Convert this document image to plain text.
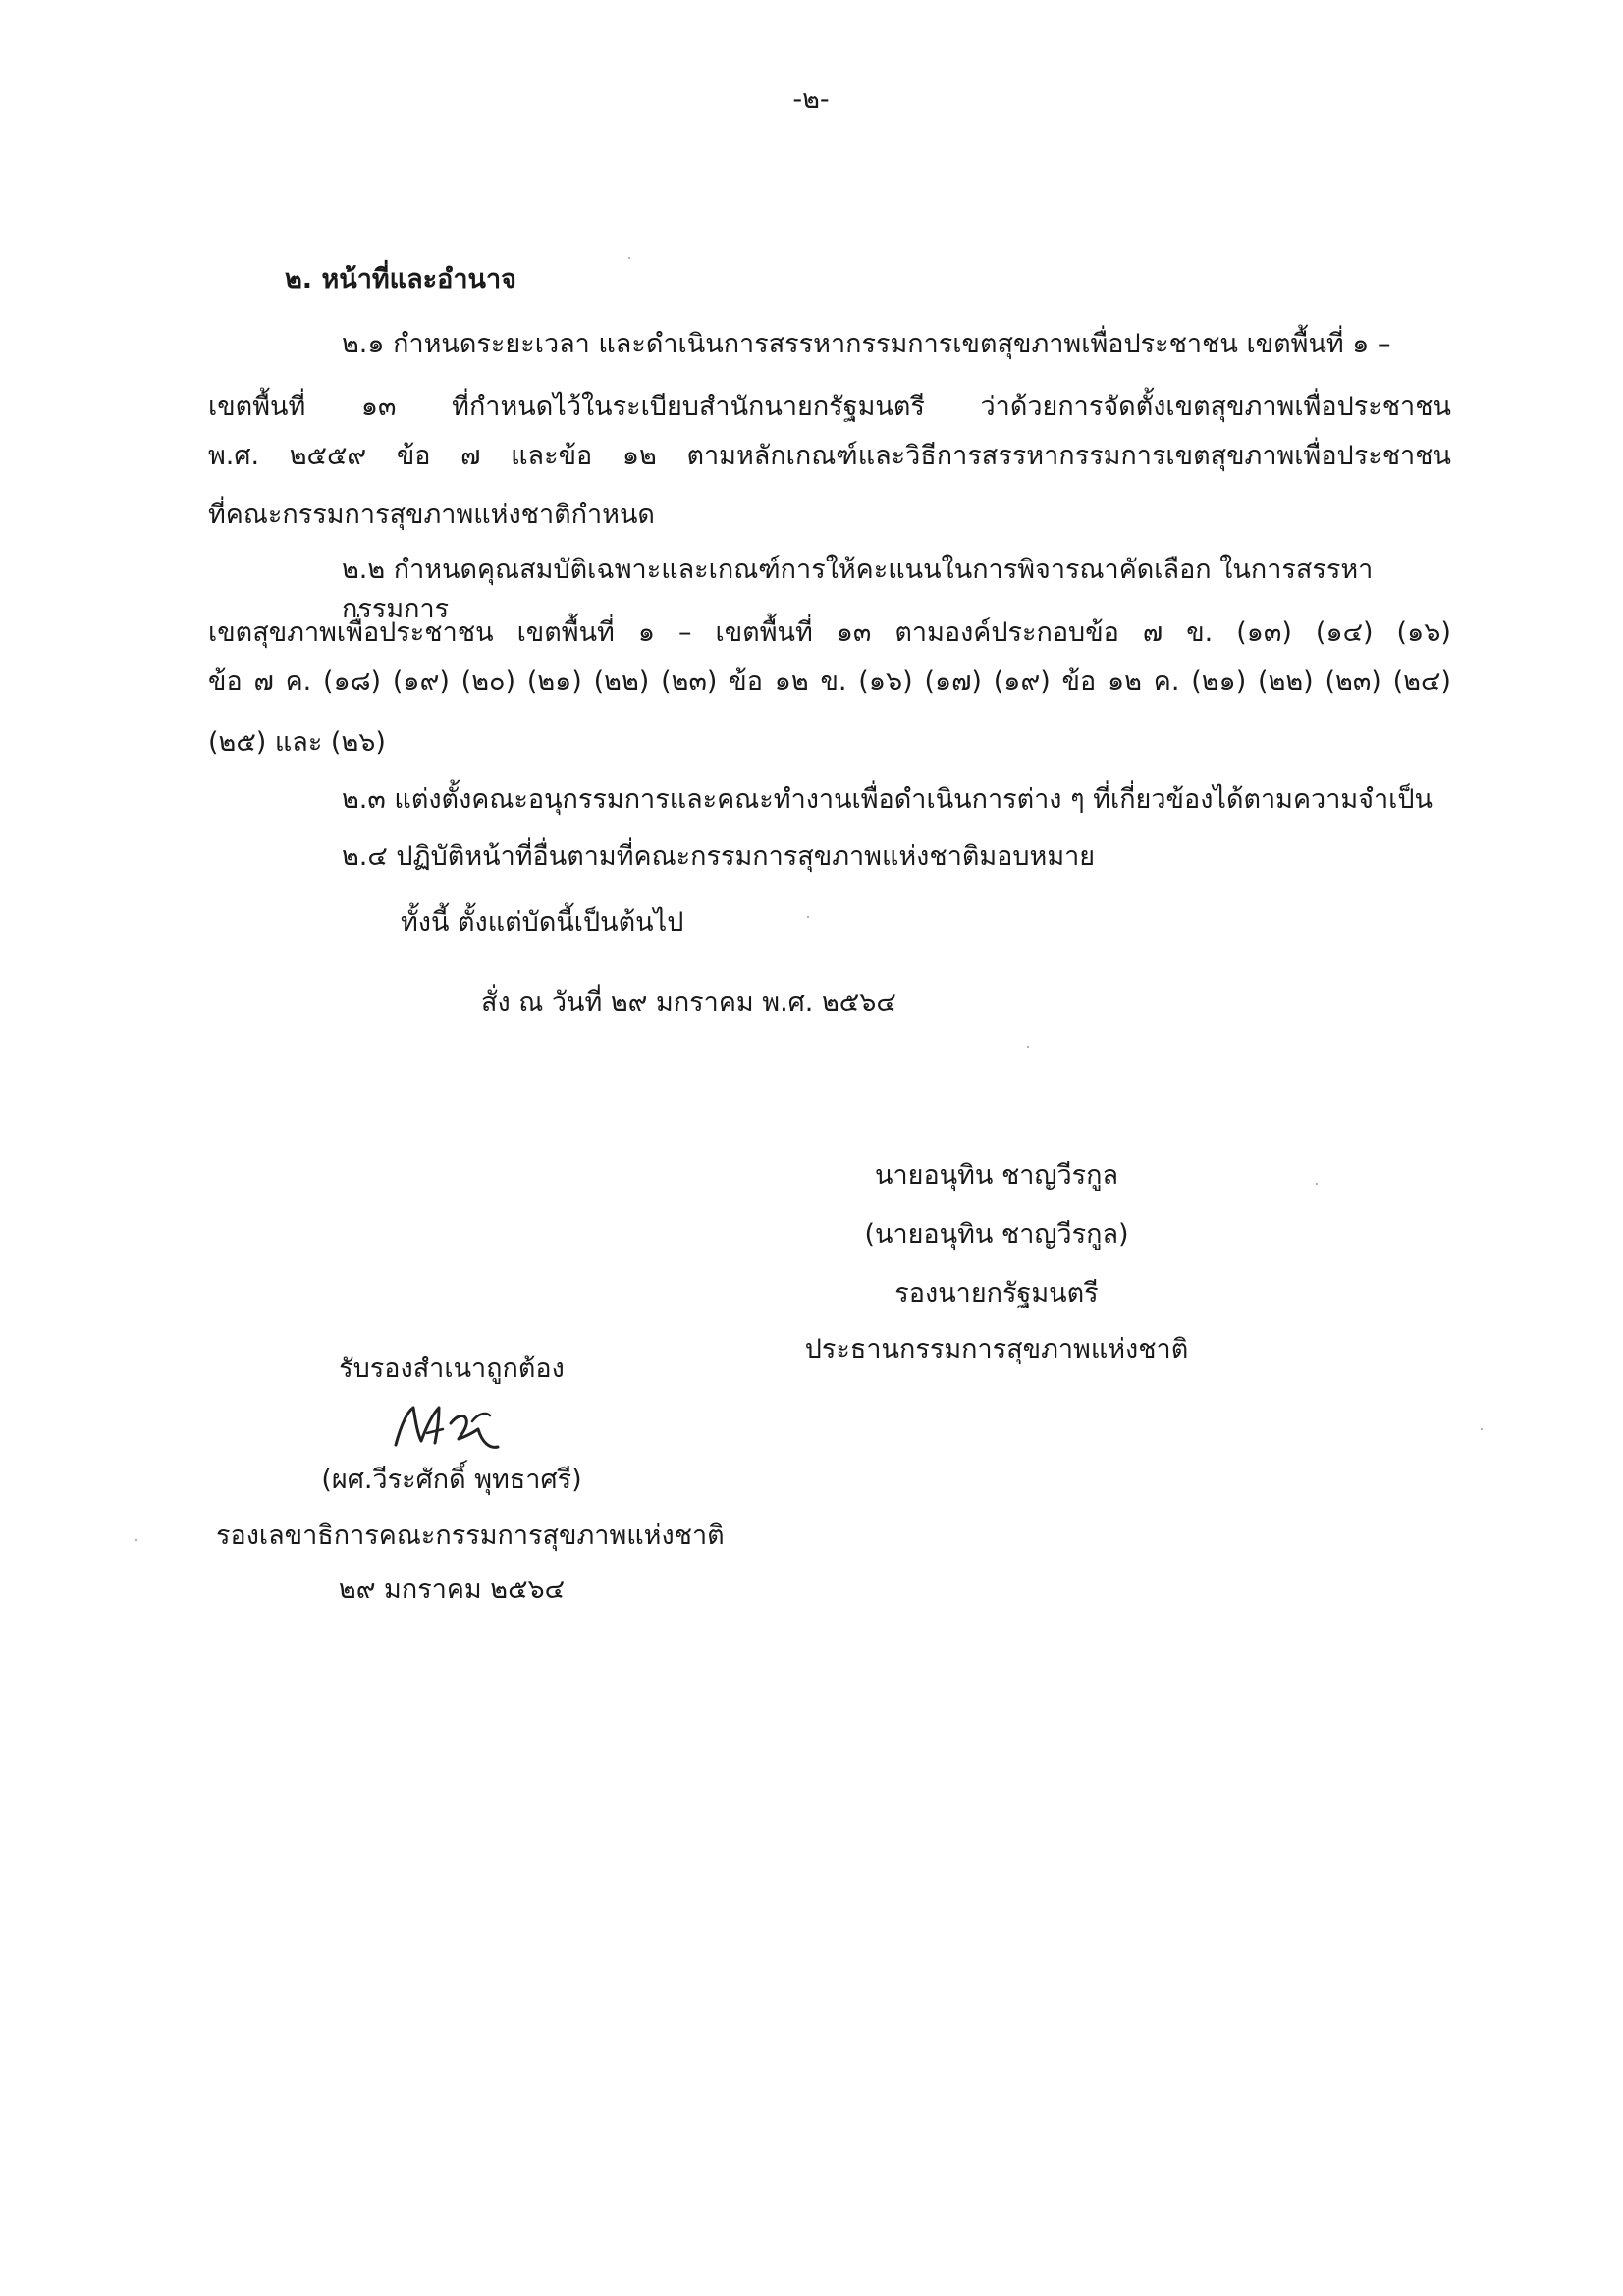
-๒-
๒. หน้าที่และอำนาจ
๒.๑ กำหนดระยะเวลา และดำเนินการสรรหากรรมการเขตสุขภาพเพื่อประชาชน เขตพื้นที่ ๑ –
เขตพื้นที่ ๑๓ ที่กำหนดไว้ในระเบียบสำนักนายกรัฐมนตรี ว่าด้วยการจัดตั้งเขตสุขภาพเพื่อประชาชน
พ.ศ. ๒๕๕๙ ข้อ ๗ และข้อ ๑๒ ตามหลักเกณฑ์และวิธีการสรรหากรรมการเขตสุขภาพเพื่อประชาชน
ที่คณะกรรมการสุขภาพแห่งชาติกำหนด
๒.๒ กำหนดคุณสมบัติเฉพาะและเกณฑ์การให้คะแนนในการพิจารณาคัดเลือก ในการสรรหากรรมการ
เขตสุขภาพเพื่อประชาชน เขตพื้นที่ ๑ – เขตพื้นที่ ๑๓ ตามองค์ประกอบข้อ ๗ ข. (๑๓) (๑๔) (๑๖)
ข้อ ๗ ค. (๑๘) (๑๙) (๒๐) (๒๑) (๒๒) (๒๓) ข้อ ๑๒ ข. (๑๖) (๑๗) (๑๙) ข้อ ๑๒ ค. (๒๑) (๒๒) (๒๓) (๒๔)
(๒๕) และ (๒๖)
๒.๓ แต่งตั้งคณะอนุกรรมการและคณะทำงานเพื่อดำเนินการต่าง ๆ ที่เกี่ยวข้องได้ตามความจำเป็น
๒.๔ ปฏิบัติหน้าที่อื่นตามที่คณะกรรมการสุขภาพแห่งชาติมอบหมาย
ทั้งนี้ ตั้งแต่บัดนี้เป็นต้นไป
สั่ง ณ วันที่ ๒๙ มกราคม พ.ศ. ๒๕๖๔
นายอนุทิน ชาญวีรกูล
(นายอนุทิน ชาญวีรกูล)
รองนายกรัฐมนตรี
ประธานกรรมการสุขภาพแห่งชาติ
รับรองสำเนาถูกต้อง
(ผศ.วีระศักดิ์ พุทธาศรี)
รองเลขาธิการคณะกรรมการสุขภาพแห่งชาติ
๒๙ มกราคม ๒๕๖๔
